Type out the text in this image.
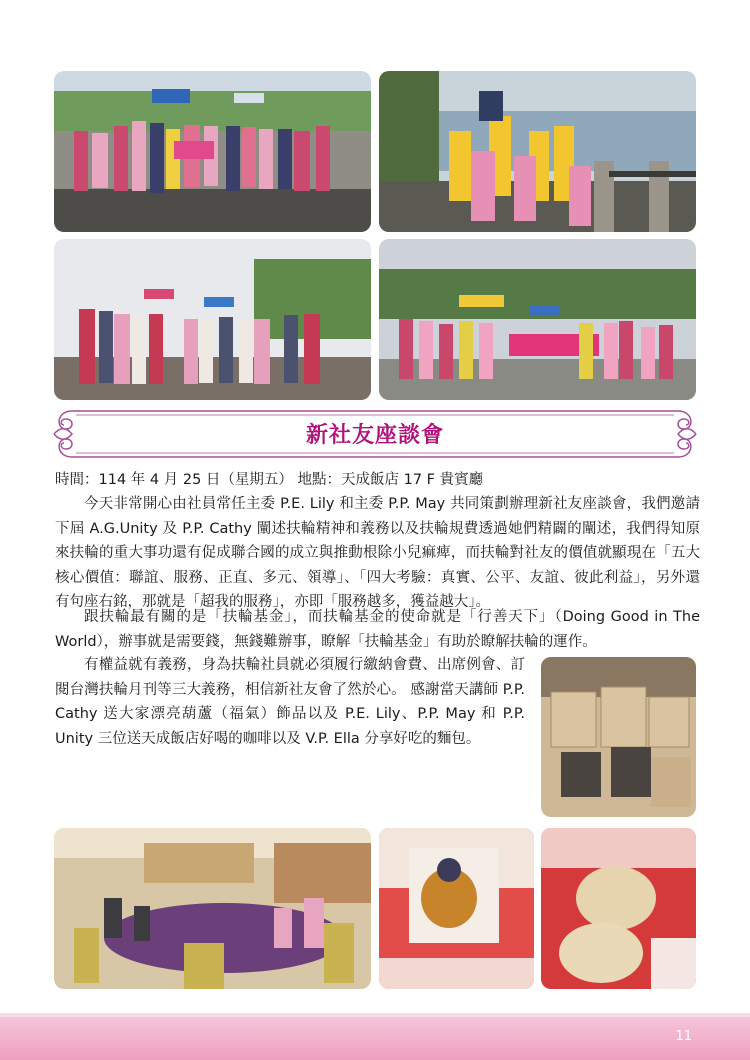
新社友座談會
時間：114 年 4 月 25 日（星期五） 地點：天成飯店 17 F 貴賓廳
今天非常開心由社員常任主委 P.E. Lily 和主委 P.P. May 共同策劃辦理新社友座談會，我們邀請下屆 A.G.Unity 及 P.P. Cathy 闡述扶輪精神和義務以及扶輪規費透過她們精闢的闡述，我們得知原來扶輪的重大事功還有促成聯合國的成立與推動根除小兒痲痺，而扶輪對社友的價值就顯現在「五大核心價值：聯誼、服務、正直、多元、領導」、「四大考驗：真實、公平、友誼、彼此利益」，另外還有句座右銘，那就是「超我的服務」，亦即「服務越多，獲益越大」。
跟扶輪最有關的是「扶輪基金」，而扶輪基金的使命就是「行善天下」（Doing Good in The World），辦事就是需要錢，無錢難辦事，瞭解「扶輪基金」有助於瞭解扶輪的運作。
有權益就有義務，身為扶輪社員就必須履行繳納會費、出席例會、訂閱台灣扶輪月刊等三大義務，相信新社友會了然於心。 感謝當天講師 P.P. Cathy 送大家漂亮葫蘆（福氣）飾品以及 P.E. Lily、P.P. May 和 P.P. Unity 三位送天成飯店好喝的咖啡以及 V.P. Ella 分享好吃的麵包。
11
